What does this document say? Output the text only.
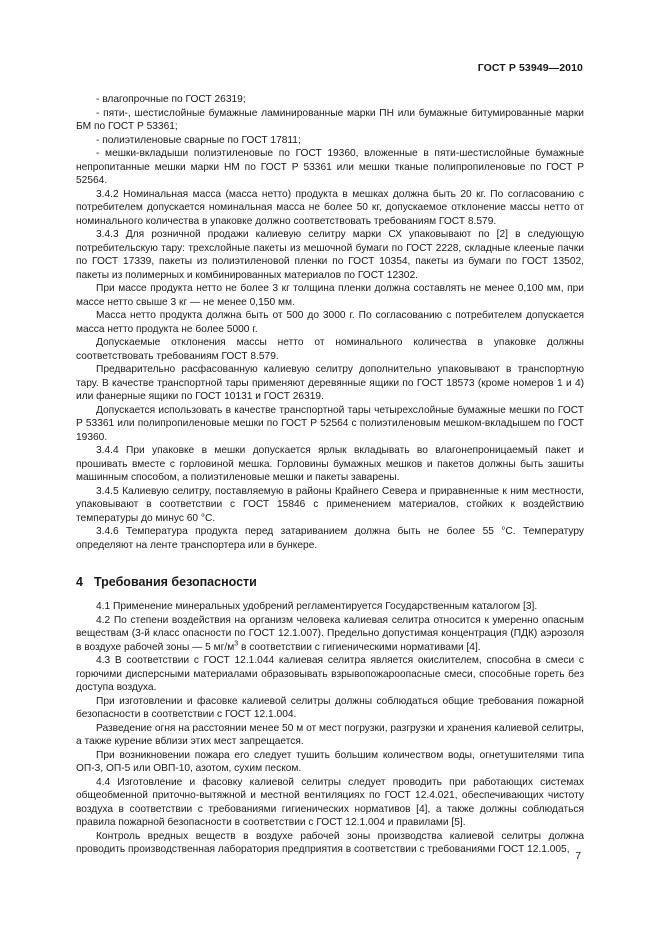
ГОСТ Р 53949—2010

- влагопрочные по ГОСТ 26319;

- пяти-, шестислойные бумажные ламинированные марки ПН или бумажные битумированные марки БМ по ГОСТ Р 53361;

- полиэтиленовые сварные по ГОСТ 17811;

- мешки-вкладыши полиэтиленовые по ГОСТ 19360, вложенные в пяти-шестислойные бумажные непропитанные мешки марки НМ по ГОСТ Р 53361 или мешки тканые полипропиленовые по ГОСТ Р 52564.

3.4.2 Номинальная масса (масса нетто) продукта в мешках должна быть 20 кг. По согласованию с потребителем допускается номинальная масса не более 50 кг, допускаемое отклонение массы нетто от номинального количества в упаковке должно соответствовать требованиям ГОСТ 8.579.

3.4.3 Для розничной продажи калиевую селитру марки СХ упаковывают по [2] в следующую потребительскую тару: трехслойные пакеты из мешочной бумаги по ГОСТ 2228, складные клееные пачки по ГОСТ 17339, пакеты из полиэтиленовой пленки по ГОСТ 10354, пакеты из бумаги по ГОСТ 13502, пакеты из полимерных и комбинированных материалов по ГОСТ 12302.

При массе продукта нетто не более 3 кг толщина пленки должна составлять не менее 0,100 мм, при массе нетто свыше 3 кг — не менее 0,150 мм.

Масса нетто продукта должна быть от 500 до 3000 г. По согласованию с потребителем допускается масса нетто продукта не более 5000 г.

Допускаемые отклонения массы нетто от номинального количества в упаковке должны соответствовать требованиям ГОСТ 8.579.

Предварительно расфасованную калиевую селитру дополнительно упаковывают в транспортную тару. В качестве транспортной тары применяют деревянные ящики по ГОСТ 18573 (кроме номеров 1 и 4) или фанерные ящики по ГОСТ 10131 и ГОСТ 26319.

Допускается использовать в качестве транспортной тары четырехслойные бумажные мешки по ГОСТ Р 53361 или полипропиленовые мешки по ГОСТ Р 52564 с полиэтиленовым мешком-вкладышем по ГОСТ 19360.

3.4.4 При упаковке в мешки допускается ярлык вкладывать во влагонепроницаемый пакет и прошивать вместе с горловиной мешка. Горловины бумажных мешков и пакетов должны быть зашиты машинным способом, а полиэтиленовые мешки и пакеты заварены.

3.4.5 Калиевую селитру, поставляемую в районы Крайнего Севера и приравненные к ним местности, упаковывают в соответствии с ГОСТ 15846 с применением материалов, стойких к воздействию температуры до минус 60 °С.

3.4.6 Температура продукта перед затариванием должна быть не более 55 °С. Температуру определяют на ленте транспортера или в бункере.

4 Требования безопасности

4.1 Применение минеральных удобрений регламентируется Государственным каталогом [3].

4.2 По степени воздействия на организм человека калиевая селитра относится к умеренно опасным веществам (3-й класс опасности по ГОСТ 12.1.007). Предельно допустимая концентрация (ПДК) аэрозоля в воздухе рабочей зоны — 5 $мг/м^3$ в соответствии с гигиеническими нормативами [4].

4.3 В соответствии с ГОСТ 12.1.044 калиевая селитра является окислителем, способна в смеси с горючими дисперсными материалами образовывать взрывопожароопасные смеси, способные гореть без доступа воздуха.

При изготовлении и фасовке калиевой селитры должны соблюдаться общие требования пожарной безопасности в соответствии с ГОСТ 12.1.004.

Разведение огня на расстоянии менее 50 м от мест погрузки, разгрузки и хранения калиевой селитры, а также курение вблизи этих мест запрещается.

При возникновении пожара его следует тушить большим количеством воды, огнетушителями типа ОП-3, ОП-5 или ОВП-10, азотом, сухим песком.

4.4 Изготовление и фасовку калиевой селитры следует проводить при работающих системах общеобменной приточно-вытяжной и местной вентиляциях по ГОСТ 12.4.021, обеспечивающих чистоту воздуха в соответствии с требованиями гигиенических нормативов [4], а также должны соблюдаться правила пожарной безопасности в соответствии с ГОСТ 12.1.004 и правилами [5].

Контроль вредных веществ в воздухе рабочей зоны производства калиевой селитры должна проводить производственная лаборатория предприятия в соответствии с требованиями ГОСТ 12.1.005,

7
